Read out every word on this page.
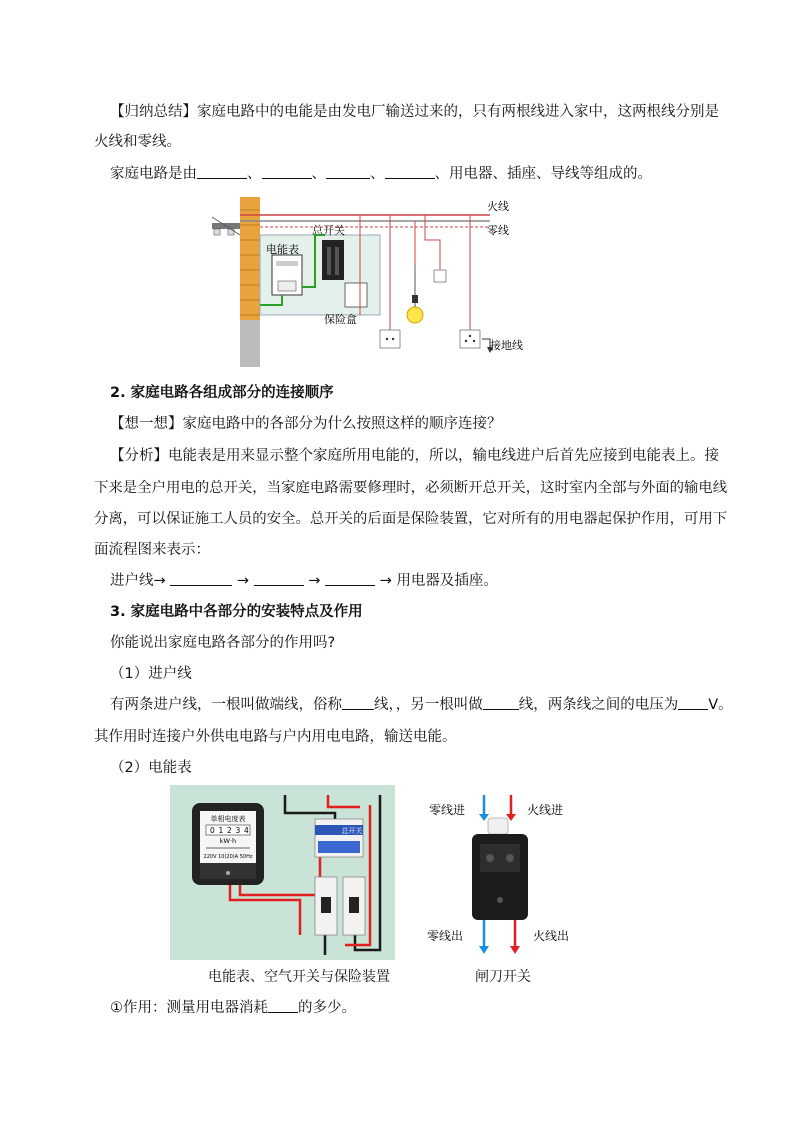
【归纳总结】家庭电路中的电能是由发电厂输送过来的，只有两根线进入家中，这两根线分别是
火线和零线。
家庭电路是由	、	、	、	、用电器、插座、导线等组成的。
电能表
总开关
保险盒
火线
零线
接地线
2. 家庭电路各组成部分的连接顺序
【想一想】家庭电路中的各部分为什么按照这样的顺序连接？
【分析】电能表是用来显示整个家庭所用电能的，所以，输电线进户后首先应接到电能表上。接
下来是全户用电的总开关，当家庭电路需要修理时，必须断开总开关，这时室内全部与外面的输电线
分离，可以保证施工人员的安全。总开关的后面是保险装置，它对所有的用电器起保护作用，可用下
面流程图来表示：
进户线→	→	→	→ 用电器及插座。
3. 家庭电路中各部分的安装特点及作用
你能说出家庭电路各部分的作用吗?
（1）进户线
有两条进户线，一根叫做端线，俗称 线，，另一根叫做 线，两条线之间的电压为 V。
其作用时连接户外供电电路与户内用电电路，输送电能。
（2）电能表
单相电度表
0 1 2 3 4
kW·h
220V 10(20)A 50Hz
总开关
电能表、空气开关与保险装置
零线进	火线进
零线出	火线出
闸刀开关
①作用：测量用电器消耗 的多少。
